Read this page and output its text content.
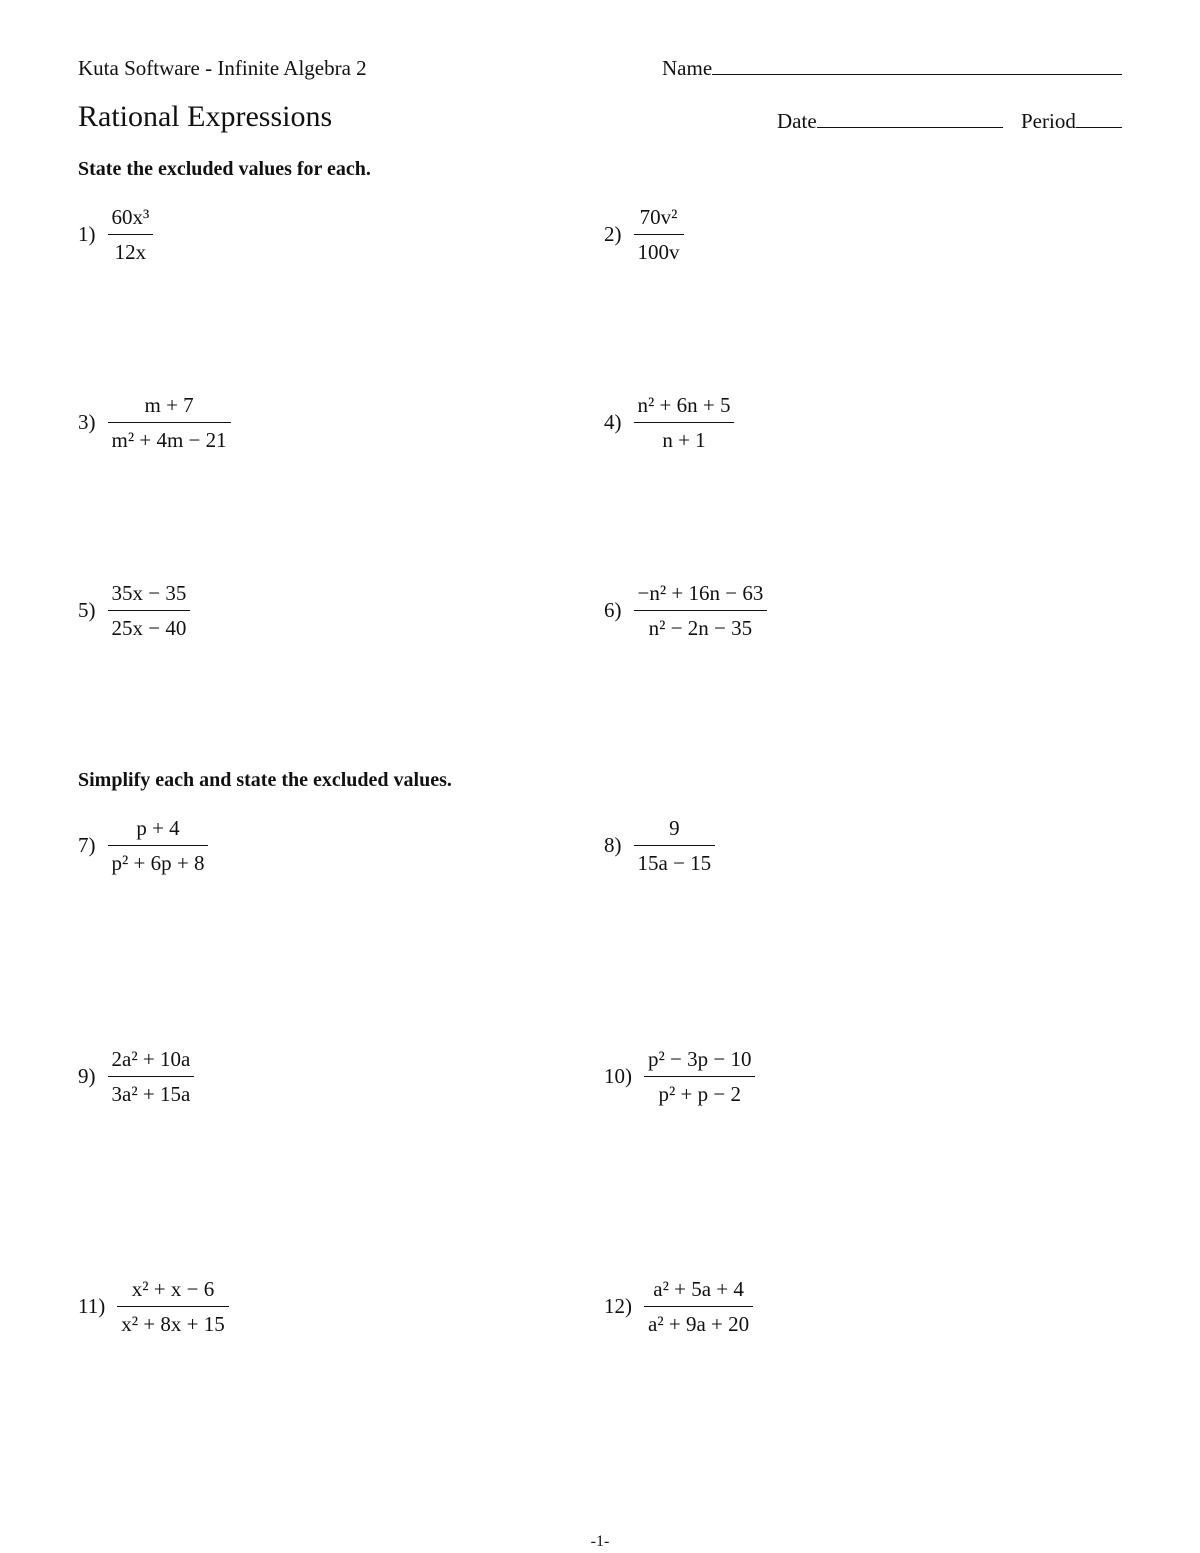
Kuta Software - Infinite Algebra 2	Name
Rational Expressions	Date	Period
State the excluded values for each.
$1) \frac{\text{60x³}}{12x}$	$2) \frac{\text{70v²}}{100v}$
$3) \frac{m + 7}{\text{m² + 4m − 21}}$	$4) \frac{\text{n² + 6n + 5}}{n + 1}$
$5) \frac{35x - 35}{25x - 40}$	$6) \frac{\text{−n² + 16n − 63}}{\text{n² − 2n − 35}}$
Simplify each and state the excluded values.
$7) \frac{p + 4}{\text{p² + 6p + 8}}$	$8) \frac{9}{15a - 15}$
$9) \frac{\text{2a² + 10a}}{\text{3a² + 15a}}$	$10) \frac{\text{p² − 3p − 10}}{\text{p² + p − 2}}$
$11) \frac{\text{x² + x − 6}}{\text{x² + 8x + 15}}$	$12) \frac{\text{a² + 5a + 4}}{\text{a² + 9a + 20}}$
-1-
